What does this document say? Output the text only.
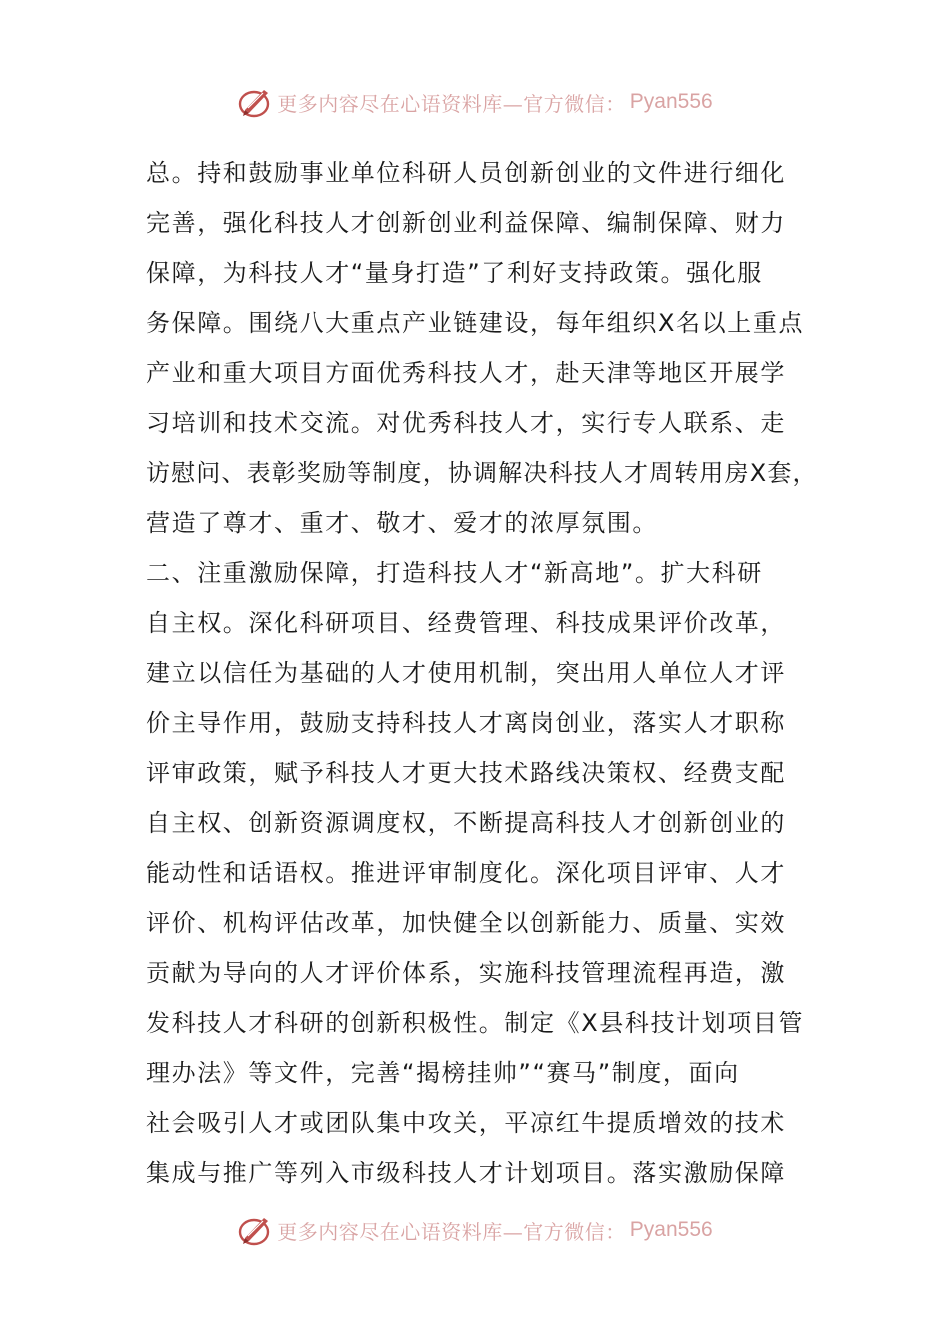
更多内容尽在心语资料库—官方微信： Pyan556
总。持和鼓励事业单位科研人员创新创业的文件进行细化
完善，强化科技人才创新创业利益保障、编制保障、财力
保障，为科技人才“量身打造”了利好支持政策。强化服
务保障。围绕八大重点产业链建设，每年组织X名以上重点
产业和重大项目方面优秀科技人才，赴天津等地区开展学
习培训和技术交流。对优秀科技人才，实行专人联系、走
访慰问、表彰奖励等制度，协调解决科技人才周转用房X套，
营造了尊才、重才、敬才、爱才的浓厚氛围。
二、注重激励保障，打造科技人才“新高地”。扩大科研
自主权。深化科研项目、经费管理、科技成果评价改革，
建立以信任为基础的人才使用机制，突出用人单位人才评
价主导作用，鼓励支持科技人才离岗创业，落实人才职称
评审政策，赋予科技人才更大技术路线决策权、经费支配
自主权、创新资源调度权，不断提高科技人才创新创业的
能动性和话语权。推进评审制度化。深化项目评审、人才
评价、机构评估改革，加快健全以创新能力、质量、实效
贡献为导向的人才评价体系，实施科技管理流程再造，激
发科技人才科研的创新积极性。制定《X县科技计划项目管
理办法》等文件，完善“揭榜挂帅”“赛马”制度，面向
社会吸引人才或团队集中攻关，平凉红牛提质增效的技术
集成与推广等列入市级科技人才计划项目。落实激励保障
更多内容尽在心语资料库—官方微信： Pyan556
